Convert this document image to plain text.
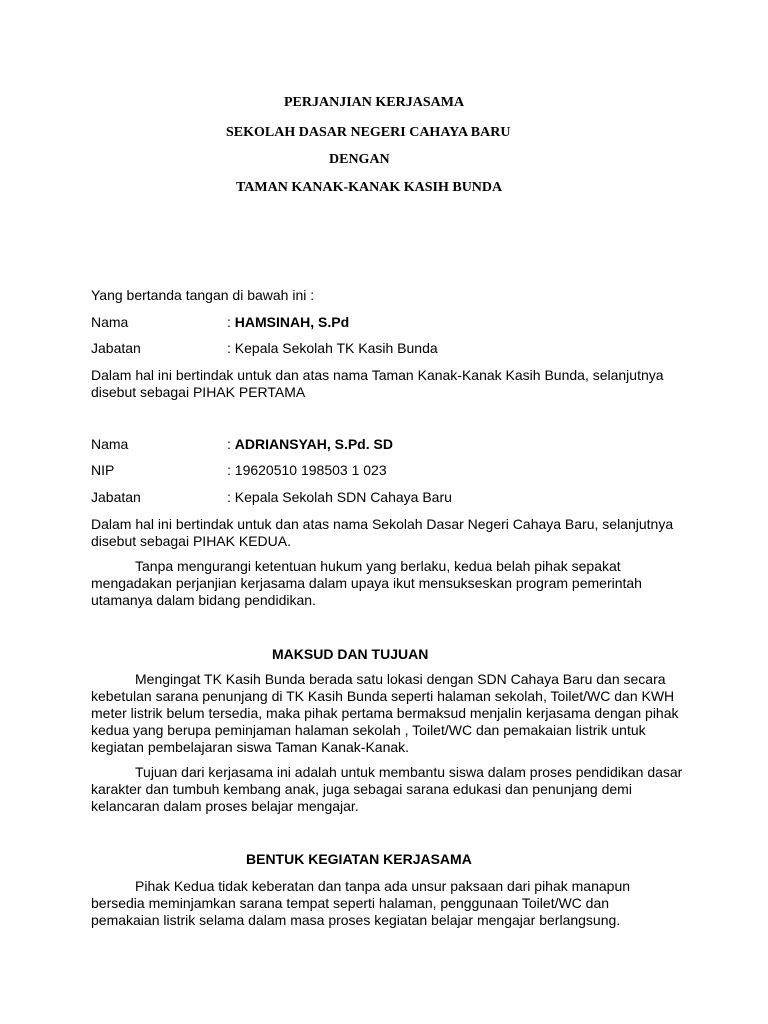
PERJANJIAN KERJASAMA
SEKOLAH DASAR NEGERI CAHAYA BARU
DENGAN
TAMAN KANAK-KANAK KASIH BUNDA
Yang bertanda tangan di bawah ini :
Nama	: HAMSINAH, S.Pd
Jabatan	: Kepala Sekolah TK Kasih Bunda
Dalam hal ini bertindak untuk dan atas nama Taman Kanak-Kanak Kasih Bunda, selanjutnya
disebut sebagai PIHAK PERTAMA
Nama	: ADRIANSYAH, S.Pd. SD
NIP	: 19620510 198503 1 023
Jabatan	: Kepala Sekolah SDN Cahaya Baru
Dalam hal ini bertindak untuk dan atas nama Sekolah Dasar Negeri Cahaya Baru, selanjutnya
disebut sebagai PIHAK KEDUA.
Tanpa mengurangi ketentuan hukum yang berlaku, kedua belah pihak sepakat
mengadakan perjanjian kerjasama dalam upaya ikut mensukseskan program pemerintah
utamanya dalam bidang pendidikan.
MAKSUD DAN TUJUAN
Mengingat TK Kasih Bunda berada satu lokasi dengan SDN Cahaya Baru dan secara
kebetulan sarana penunjang di TK Kasih Bunda seperti halaman sekolah, Toilet/WC dan KWH
meter listrik belum tersedia, maka pihak pertama bermaksud menjalin kerjasama dengan pihak
kedua yang berupa peminjaman halaman sekolah , Toilet/WC dan pemakaian listrik untuk
kegiatan pembelajaran siswa Taman Kanak-Kanak.
Tujuan dari kerjasama ini adalah untuk membantu siswa dalam proses pendidikan dasar
karakter dan tumbuh kembang anak, juga sebagai sarana edukasi dan penunjang demi
kelancaran dalam proses belajar mengajar.
BENTUK KEGIATAN KERJASAMA
Pihak Kedua tidak keberatan dan tanpa ada unsur paksaan dari pihak manapun
bersedia meminjamkan sarana tempat seperti halaman, penggunaan Toilet/WC dan
pemakaian listrik selama dalam masa proses kegiatan belajar mengajar berlangsung.
